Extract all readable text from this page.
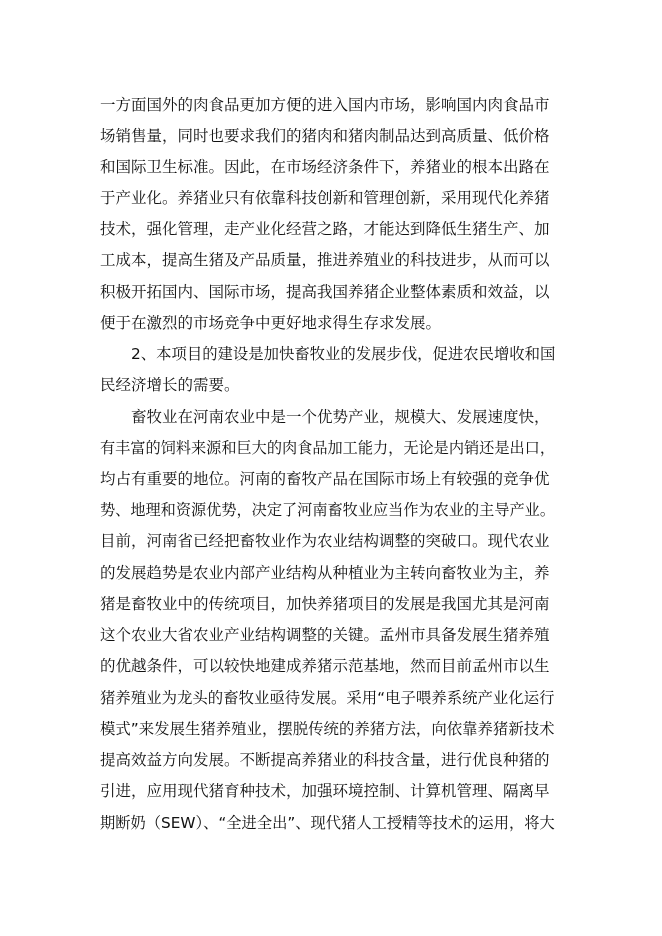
一方面国外的肉食品更加方便的进入国内市场，影响国内肉食品市
场销售量，同时也要求我们的猪肉和猪肉制品达到高质量、低价格
和国际卫生标准。因此，在市场经济条件下，养猪业的根本出路在
于产业化。养猪业只有依靠科技创新和管理创新，采用现代化养猪
技术，强化管理，走产业化经营之路，才能达到降低生猪生产、加
工成本，提高生猪及产品质量，推进养殖业的科技进步，从而可以
积极开拓国内、国际市场，提高我国养猪企业整体素质和效益，以
便于在激烈的市场竞争中更好地求得生存求发展。
2、本项目的建设是加快畜牧业的发展步伐，促进农民增收和国
民经济增长的需要。
畜牧业在河南农业中是一个优势产业，规模大、发展速度快，
有丰富的饲料来源和巨大的肉食品加工能力，无论是内销还是出口，
均占有重要的地位。河南的畜牧产品在国际市场上有较强的竞争优
势、地理和资源优势，决定了河南畜牧业应当作为农业的主导产业。
目前，河南省已经把畜牧业作为农业结构调整的突破口。现代农业
的发展趋势是农业内部产业结构从种植业为主转向畜牧业为主，养
猪是畜牧业中的传统项目，加快养猪项目的发展是我国尤其是河南
这个农业大省农业产业结构调整的关键。孟州市具备发展生猪养殖
的优越条件，可以较快地建成养猪示范基地，然而目前孟州市以生
猪养殖业为龙头的畜牧业亟待发展。采用“电子喂养系统产业化运行
模式”来发展生猪养殖业，摆脱传统的养猪方法，向依靠养猪新技术
提高效益方向发展。不断提高养猪业的科技含量，进行优良种猪的
引进，应用现代猪育种技术，加强环境控制、计算机管理、隔离早
期断奶（SEW）、“全进全出”、现代猪人工授精等技术的运用，将大
